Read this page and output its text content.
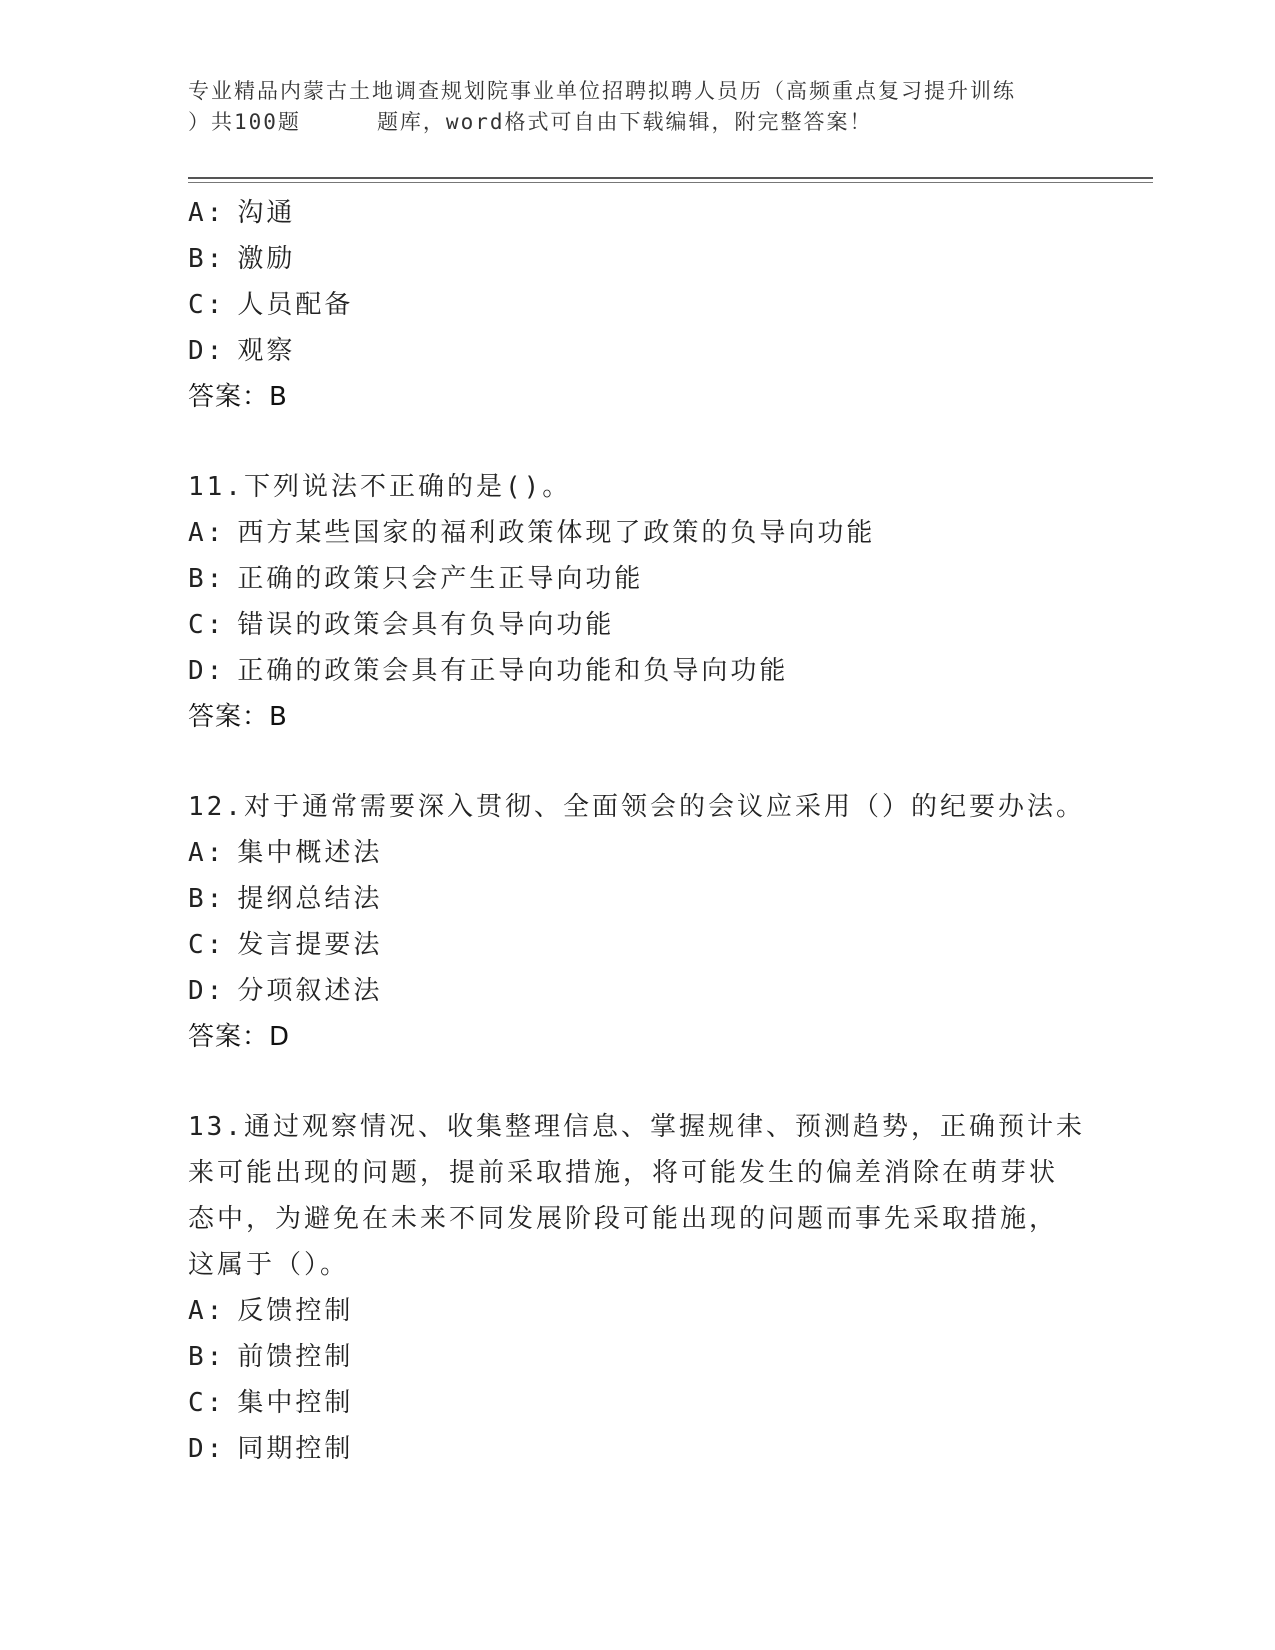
专业精品内蒙古土地调查规划院事业单位招聘拟聘人员历（高频重点复习提升训练
）共100题	题库，word格式可自由下载编辑，附完整答案！
A: 沟通
B: 激励
C: 人员配备
D: 观察
答案：B
11.下列说法不正确的是()。
A: 西方某些国家的福利政策体现了政策的负导向功能
B: 正确的政策只会产生正导向功能
C: 错误的政策会具有负导向功能
D: 正确的政策会具有正导向功能和负导向功能
答案：B
12.对于通常需要深入贯彻、全面领会的会议应采用（）的纪要办法。
A: 集中概述法
B: 提纲总结法
C: 发言提要法
D: 分项叙述法
答案：D
13.通过观察情况、收集整理信息、掌握规律、预测趋势，正确预计未
来可能出现的问题，提前采取措施，将可能发生的偏差消除在萌芽状
态中，为避免在未来不同发展阶段可能出现的问题而事先采取措施，
这属于（）。
A: 反馈控制
B: 前馈控制
C: 集中控制
D: 同期控制
